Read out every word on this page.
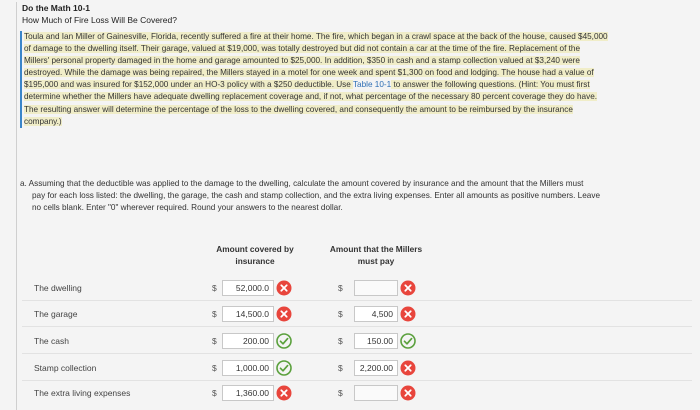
Do the Math 10-1
How Much of Fire Loss Will Be Covered?
Toula and Ian Miller of Gainesville, Florida, recently suffered a fire at their home. The fire, which began in a crawl space at the back of the house, caused $45,000
of damage to the dwelling itself. Their garage, valued at $19,000, was totally destroyed but did not contain a car at the time of the fire. Replacement of the
Millers' personal property damaged in the home and garage amounted to $25,000. In addition, $350 in cash and a stamp collection valued at $3,240 were
destroyed. While the damage was being repaired, the Millers stayed in a motel for one week and spent $1,300 on food and lodging. The house had a value of
$195,000 and was insured for $152,000 under an HO-3 policy with a $250 deductible. Use Table 10-1 to answer the following questions. (Hint: You must first
determine whether the Millers have adequate dwelling replacement coverage and, if not, what percentage of the necessary 80 percent coverage they do have.
The resulting answer will determine the percentage of the loss to the dwelling covered, and consequently the amount to be reimbursed by the insurance
company.)
a. Assuming that the deductible was applied to the damage to the dwelling, calculate the amount covered by insurance and the amount that the Millers must
pay for each loss listed: the dwelling, the garage, the cash and stamp collection, and the extra living expenses. Enter all amounts as positive numbers. Leave
no cells blank. Enter "0" wherever required. Round your answers to the nearest dollar.
Amount covered by
insurance
Amount that the Millers
must pay
The dwelling	$	52,000.0	$
The garage	$	14,500.0	$	4,500
The cash	$	200.00	$	150.00
Stamp collection	$	1,000.00	$	2,200.00
The extra living expenses	$	1,360.00	$
